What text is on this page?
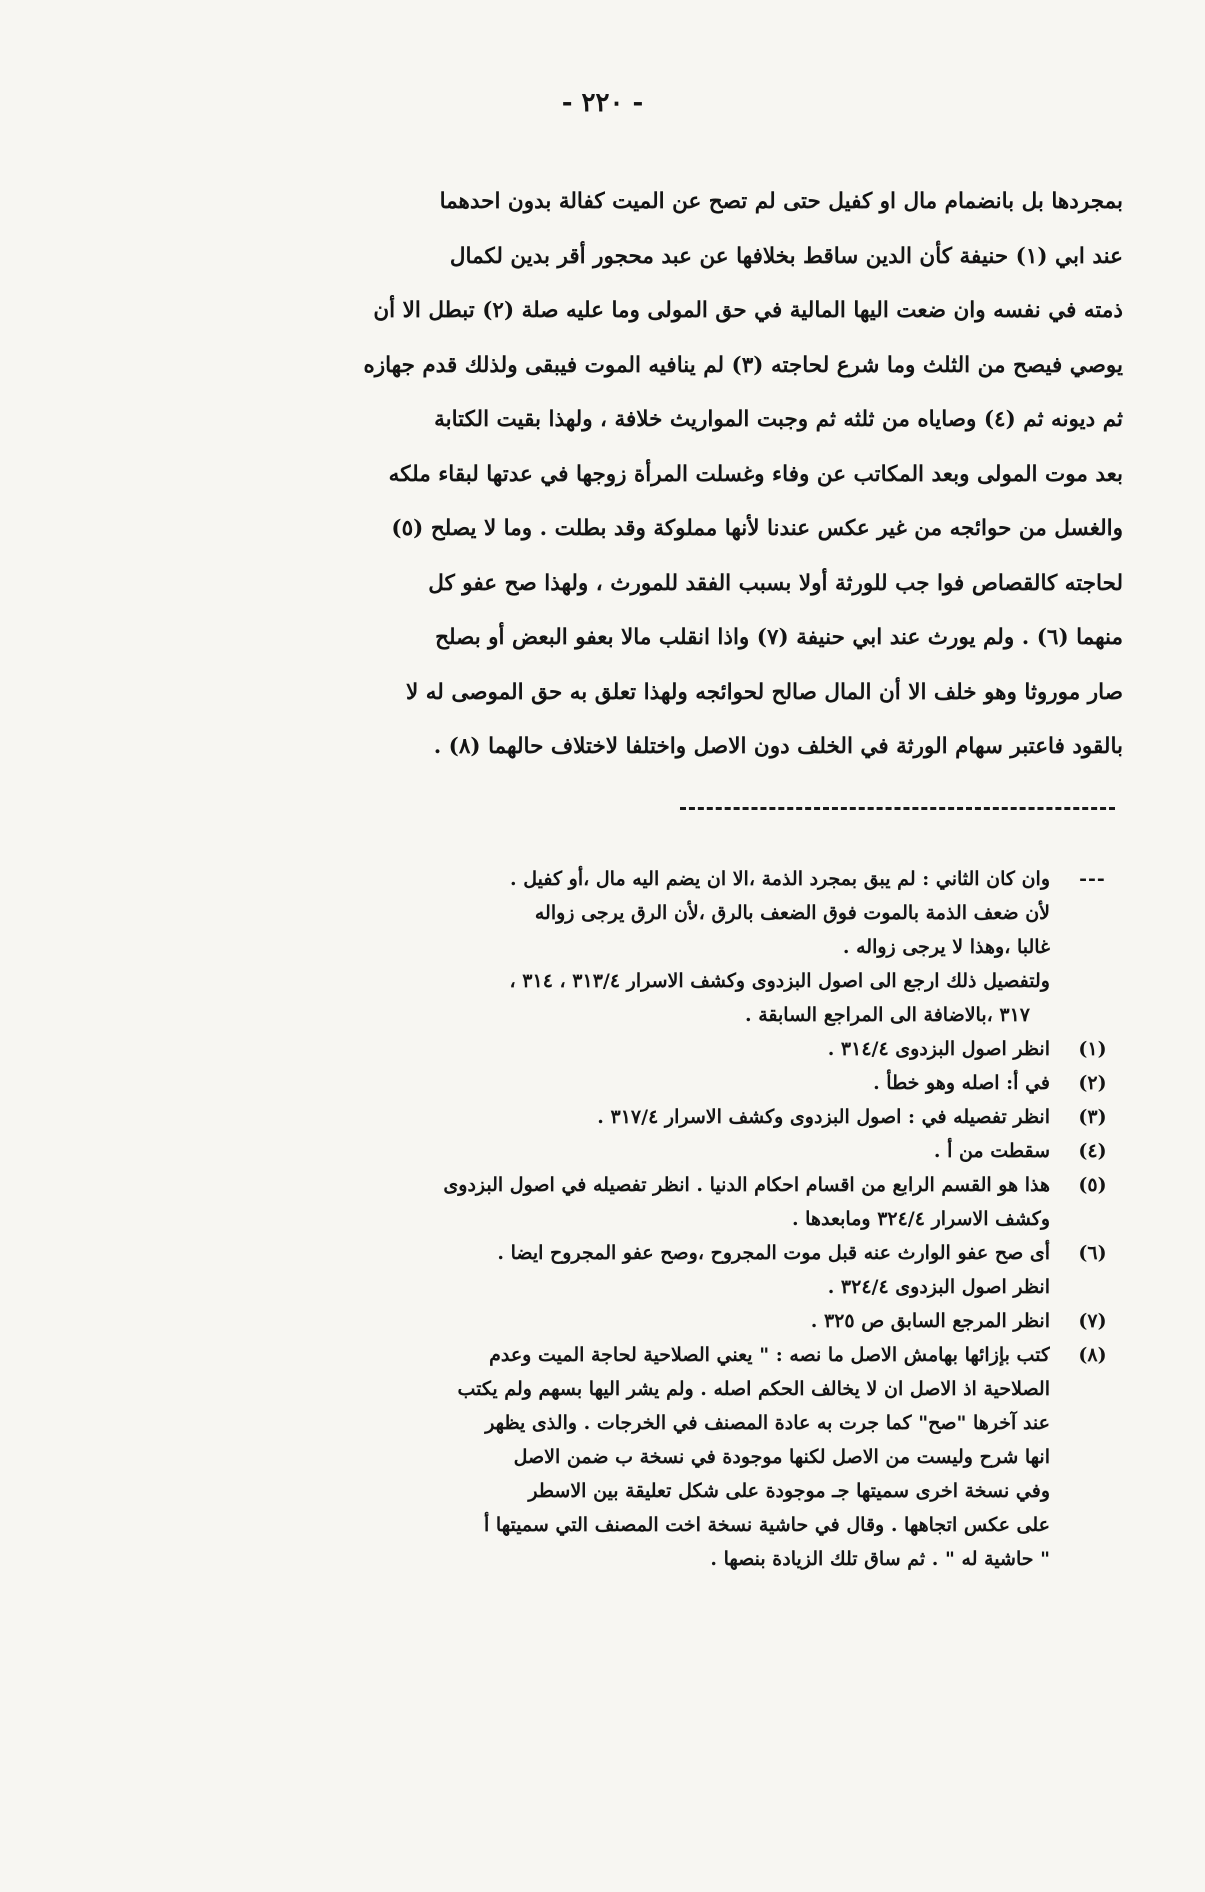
- ٢٢٠ -
بمجردها بل بانضمام مال او كفيل حتى لم تصح عن الميت كفالة بدون احدهما
عند ابي (١) حنيفة كأن الدين ساقط بخلافها عن عبد محجور أقر بدين لكمال
ذمته في نفسه وان ضعت اليها المالية في حق المولى وما عليه صلة (٢) تبطل الا أن
يوصي فيصح من الثلث وما شرع لحاجته (٣) لم ينافيه الموت فيبقى ولذلك قدم جهازه
ثم ديونه ثم (٤) وصاياه من ثلثه ثم وجبت المواريث خلافة ، ولهذا بقيت الكتابة
بعد موت المولى وبعد المكاتب عن وفاء وغسلت المرأة زوجها في عدتها لبقاء ملكه
والغسل من حوائجه من غير عكس عندنا لأنها مملوكة وقد بطلت . وما لا يصلح (٥)
لحاجته كالقصاص فوا جب للورثة أولا بسبب الفقد للمورث ، ولهذا صح عفو كل
منهما (٦) . ولم يورث عند ابي حنيفة (٧) واذا انقلب مالا بعفو البعض أو بصلح
صار موروثا وهو خلف الا أن المال صالح لحوائجه ولهذا تعلق به حق الموصى له لا
بالقود فاعتبر سهام الورثة في الخلف دون الاصل واختلفا لاختلاف حالهما (٨) .
---
وان كان الثاني : لم يبق بمجرد الذمة ،الا ان يضم اليه مال ،أو كفيل .
لأن ضعف الذمة بالموت فوق الضعف بالرق ،لأن الرق يرجى زواله
غالبا ،وهذا لا يرجى زواله .
ولتفصيل ذلك ارجع الى اصول البزدوى وكشف الاسرار ٣١٣/٤ ، ٣١٤ ،
٣١٧ ،بالاضافة الى المراجع السابقة .
(١)
انظر اصول البزدوى ٣١٤/٤ .
(٢)
في أ: اصله وهو خطأ .
(٣)
انظر تفصيله في : اصول البزدوى وكشف الاسرار ٣١٧/٤ .
(٤)
سقطت من أ .
(٥)
هذا هو القسم الرابع من اقسام احكام الدنيا . انظر تفصيله في اصول البزدوى
وكشف الاسرار ٣٢٤/٤ ومابعدها .
(٦)
أى صح عفو الوارث عنه قبل موت المجروح ،وصح عفو المجروح ايضا .
انظر اصول البزدوى ٣٢٤/٤ .
(٧)
انظر المرجع السابق ص ٣٢٥ .
(٨)
كتب بإزائها بهامش الاصل ما نصه : " يعني الصلاحية لحاجة الميت وعدم
الصلاحية اذ الاصل ان لا يخالف الحكم اصله . ولم يشر اليها بسهم ولم يكتب
عند آخرها "صح" كما جرت به عادة المصنف في الخرجات . والذى يظهر
انها شرح وليست من الاصل لكنها موجودة في نسخة ب ضمن الاصل
وفي نسخة اخرى سميتها جـ موجودة على شكل تعليقة بين الاسطر
على عكس اتجاهها . وقال في حاشية نسخة اخت المصنف التي سميتها أ
" حاشية له " . ثم ساق تلك الزيادة بنصها .
